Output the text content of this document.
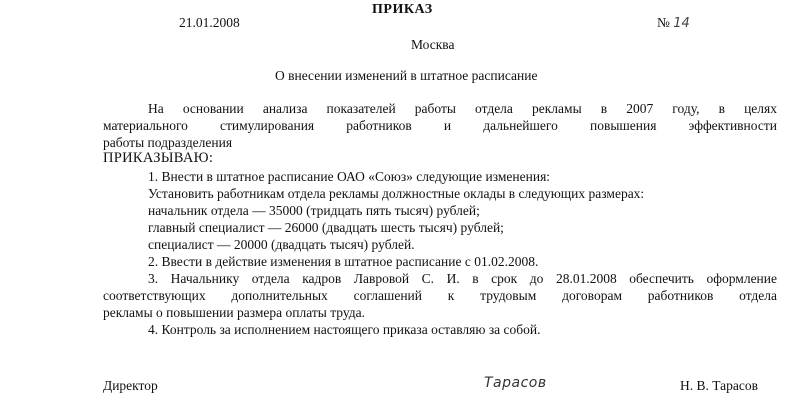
ПРИКАЗ
21.01.2008	№ 14
Москва
О внесении изменений в штатное расписание
На основании анализа показателей работы отдела рекламы в 2007 году, в целях
материального стимулирования работников и дальнейшего повышения эффективности
работы подразделения
ПРИКАЗЫВАЮ:
1. Внести в штатное расписание ОАО «Союз» следующие изменения:
Установить работникам отдела рекламы должностные оклады в следующих размерах:
начальник отдела — 35000 (тридцать пять тысяч) рублей;
главный специалист — 26000 (двадцать шесть тысяч) рублей;
специалист — 20000 (двадцать тысяч) рублей.
2. Ввести в действие изменения в штатное расписание с 01.02.2008.
3. Начальнику отдела кадров Лавровой С. И. в срок до 28.01.2008 обеспечить оформление
соответствующих дополнительных соглашений к трудовым договорам работников отдела
рекламы о повышении размера оплаты труда.
4. Контроль за исполнением настоящего приказа оставляю за собой.
Директор	Тарасов	Н. В. Тарасов
